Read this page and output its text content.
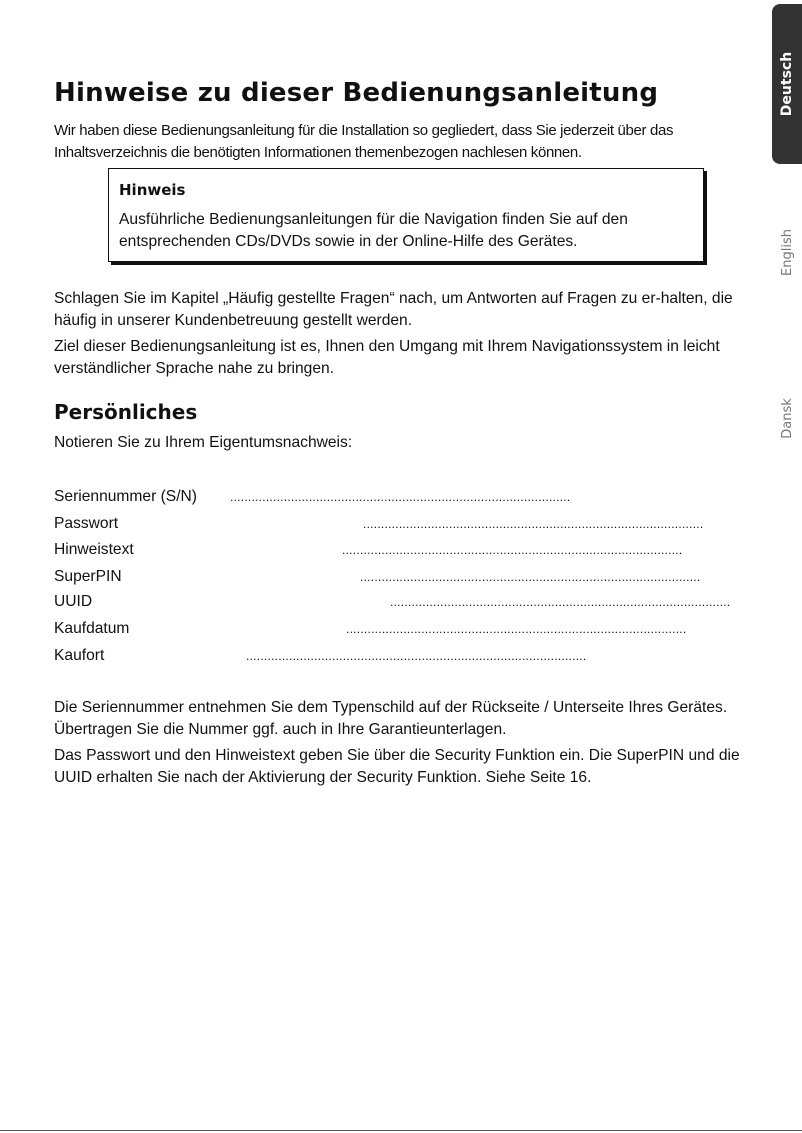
Hinweise zu dieser Bedienungsanleitung

Wir haben diese Bedienungsanleitung für die Installation so gegliedert, dass Sie jederzeit über das Inhaltsverzeichnis die benötigten Informationen themenbezogen nachlesen können.

Hinweis
Ausführliche Bedienungsanleitungen für die Navigation finden Sie auf den entsprechenden CDs/DVDs sowie in der Online-Hilfe des Gerätes.

Schlagen Sie im Kapitel „Häufig gestellte Fragen“ nach, um Antworten auf Fragen zu er-halten, die häufig in unserer Kundenbetreuung gestellt werden.

Ziel dieser Bedienungsanleitung ist es, Ihnen den Umgang mit Ihrem Navigationssystem in leicht verständlicher Sprache nahe zu bringen.

Persönliches

Notieren Sie zu Ihrem Eigentumsnachweis:

Seriennummer (S/N)	...............................................................................................
Passwort	...............................................................................................
Hinweistext	...............................................................................................
SuperPIN	...............................................................................................
UUID	...............................................................................................
Kaufdatum	...............................................................................................
Kaufort	...............................................................................................

Die Seriennummer entnehmen Sie dem Typenschild auf der Rückseite / Unterseite Ihres Gerätes. Übertragen Sie die Nummer ggf. auch in Ihre Garantieunterlagen.

Das Passwort und den Hinweistext geben Sie über die Security Funktion ein. Die SuperPIN und die UUID erhalten Sie nach der Aktivierung der Security Funktion. Siehe Seite 16.

Deutsch
English
Dansk
